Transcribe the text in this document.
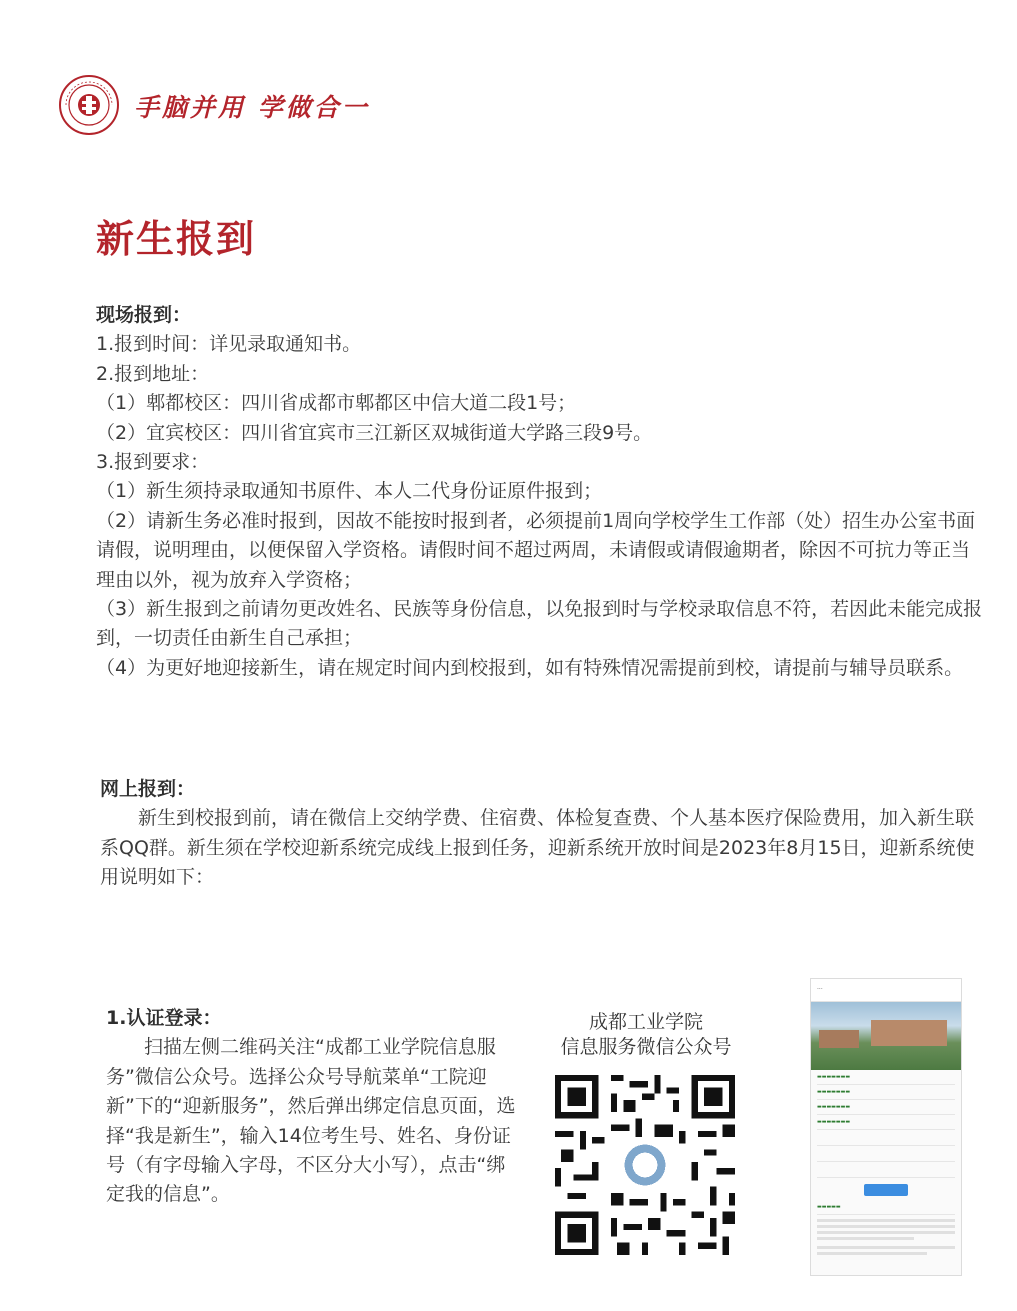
手脑并用 学做合一
新生报到

现场报到：

1.报到时间：详见录取通知书。

2.报到地址：

（1）郫都校区：四川省成都市郫都区中信大道二段1号；

（2）宜宾校区：四川省宜宾市三江新区双城街道大学路三段9号。

3.报到要求：

（1）新生须持录取通知书原件、本人二代身份证原件报到；

（2）请新生务必准时报到，因故不能按时报到者，必须提前1周向学校学生工作部（处）招生办公室书面请假，说明理由，以便保留入学资格。请假时间不超过两周，未请假或请假逾期者，除因不可抗力等正当理由以外，视为放弃入学资格；

（3）新生报到之前请勿更改姓名、民族等身份信息，以免报到时与学校录取信息不符，若因此未能完成报到，一切责任由新生自己承担；

（4）为更好地迎接新生，请在规定时间内到校报到，如有特殊情况需提前到校，请提前与辅导员联系。

网上报到：

新生到校报到前，请在微信上交纳学费、住宿费、体检复查费、个人基本医疗保险费用，加入新生联系QQ群。新生须在学校迎新系统完成线上报到任务，迎新系统开放时间是2023年8月15日，迎新系统使用说明如下：

1.认证登录：

扫描左侧二维码关注“成都工业学院信息服务”微信公众号。选择公众号导航菜单“工院迎新”下的“迎新服务”，然后弹出绑定信息页面，选择“我是新生”，输入14位考生号、姓名、身份证号（有字母输入字母，不区分大小写），点击“绑定我的信息”。

成都工业学院
信息服务微信公众号
···
▬▬▬▬▬▬▬
▬▬▬▬▬▬▬
▬▬▬▬▬▬▬
▬▬▬▬▬▬▬
▬▬▬▬▬
